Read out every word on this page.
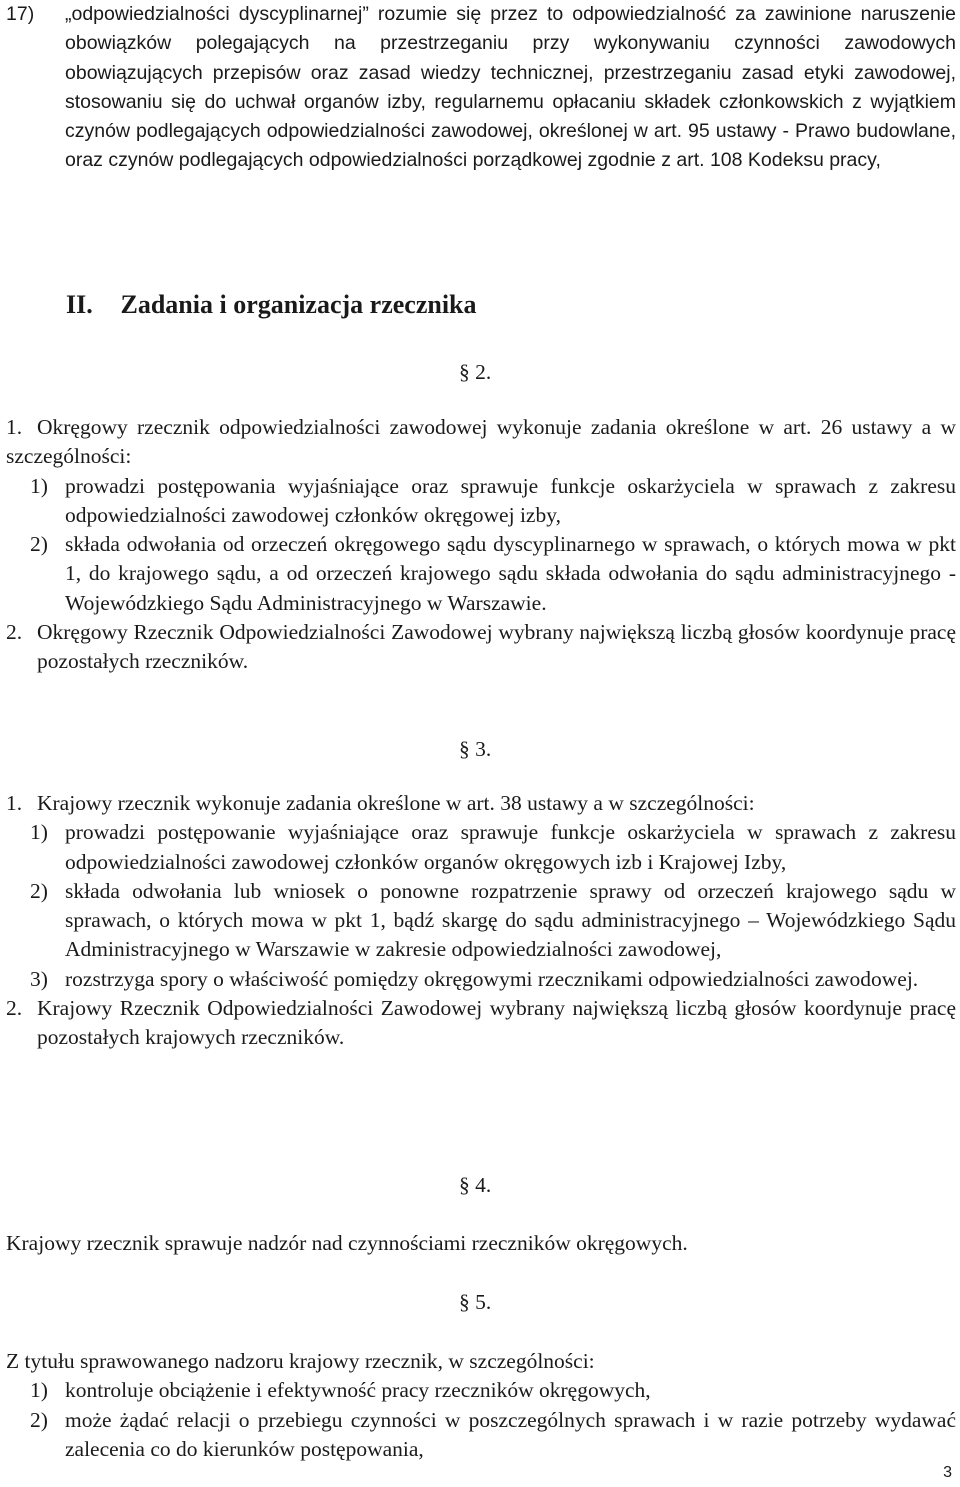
17) „odpowiedzialności dyscyplinarnej” rozumie się przez to odpowiedzialność za zawinione naruszenie obowiązków polegających na przestrzeganiu przy wykonywaniu czynności zawodowych obowiązujących przepisów oraz zasad wiedzy technicznej, przestrzeganiu zasad etyki zawodowej, stosowaniu się do uchwał organów izby, regularnemu opłacaniu składek członkowskich z wyjątkiem czynów podlegających odpowiedzialności zawodowej, określonej w art. 95 ustawy - Prawo budowlane, oraz czynów podlegających odpowiedzialności porządkowej zgodnie z art. 108 Kodeksu pracy,
II. Zadania i organizacja rzecznika
§ 2.
1. Okręgowy rzecznik odpowiedzialności zawodowej wykonuje zadania określone w art. 26 ustawy a w szczególności:
1) prowadzi postępowania wyjaśniające oraz sprawuje funkcje oskarżyciela w sprawach z zakresu odpowiedzialności zawodowej członków okręgowej izby,
2) składa odwołania od orzeczeń okręgowego sądu dyscyplinarnego w sprawach, o których mowa w pkt 1, do krajowego sądu, a od orzeczeń krajowego sądu składa odwołania do sądu administracyjnego - Wojewódzkiego Sądu Administracyjnego w Warszawie.
2. Okręgowy Rzecznik Odpowiedzialności Zawodowej wybrany największą liczbą głosów koordynuje pracę pozostałych rzeczników.
§ 3.
1. Krajowy rzecznik wykonuje zadania określone w art. 38 ustawy a w szczególności:
1) prowadzi postępowanie wyjaśniające oraz sprawuje funkcje oskarżyciela w sprawach z zakresu odpowiedzialności zawodowej członków organów okręgowych izb i Krajowej Izby,
2) składa odwołania lub wniosek o ponowne rozpatrzenie sprawy od orzeczeń krajowego sądu w sprawach, o których mowa w pkt 1, bądź skargę do sądu administracyjnego – Wojewódzkiego Sądu Administracyjnego w Warszawie w zakresie odpowiedzialności zawodowej,
3) rozstrzyga spory o właściwość pomiędzy okręgowymi rzecznikami odpowiedzialności zawodowej.
2. Krajowy Rzecznik Odpowiedzialności Zawodowej wybrany największą liczbą głosów koordynuje pracę pozostałych krajowych rzeczników.
§ 4.
Krajowy rzecznik sprawuje nadzór nad czynnościami rzeczników okręgowych.
§ 5.
Z tytułu sprawowanego nadzoru krajowy rzecznik, w szczególności:
1) kontroluje obciążenie i efektywność pracy rzeczników okręgowych,
2) może żądać relacji o przebiegu czynności w poszczególnych sprawach i w razie potrzeby wydawać zalecenia co do kierunków postępowania,
3
